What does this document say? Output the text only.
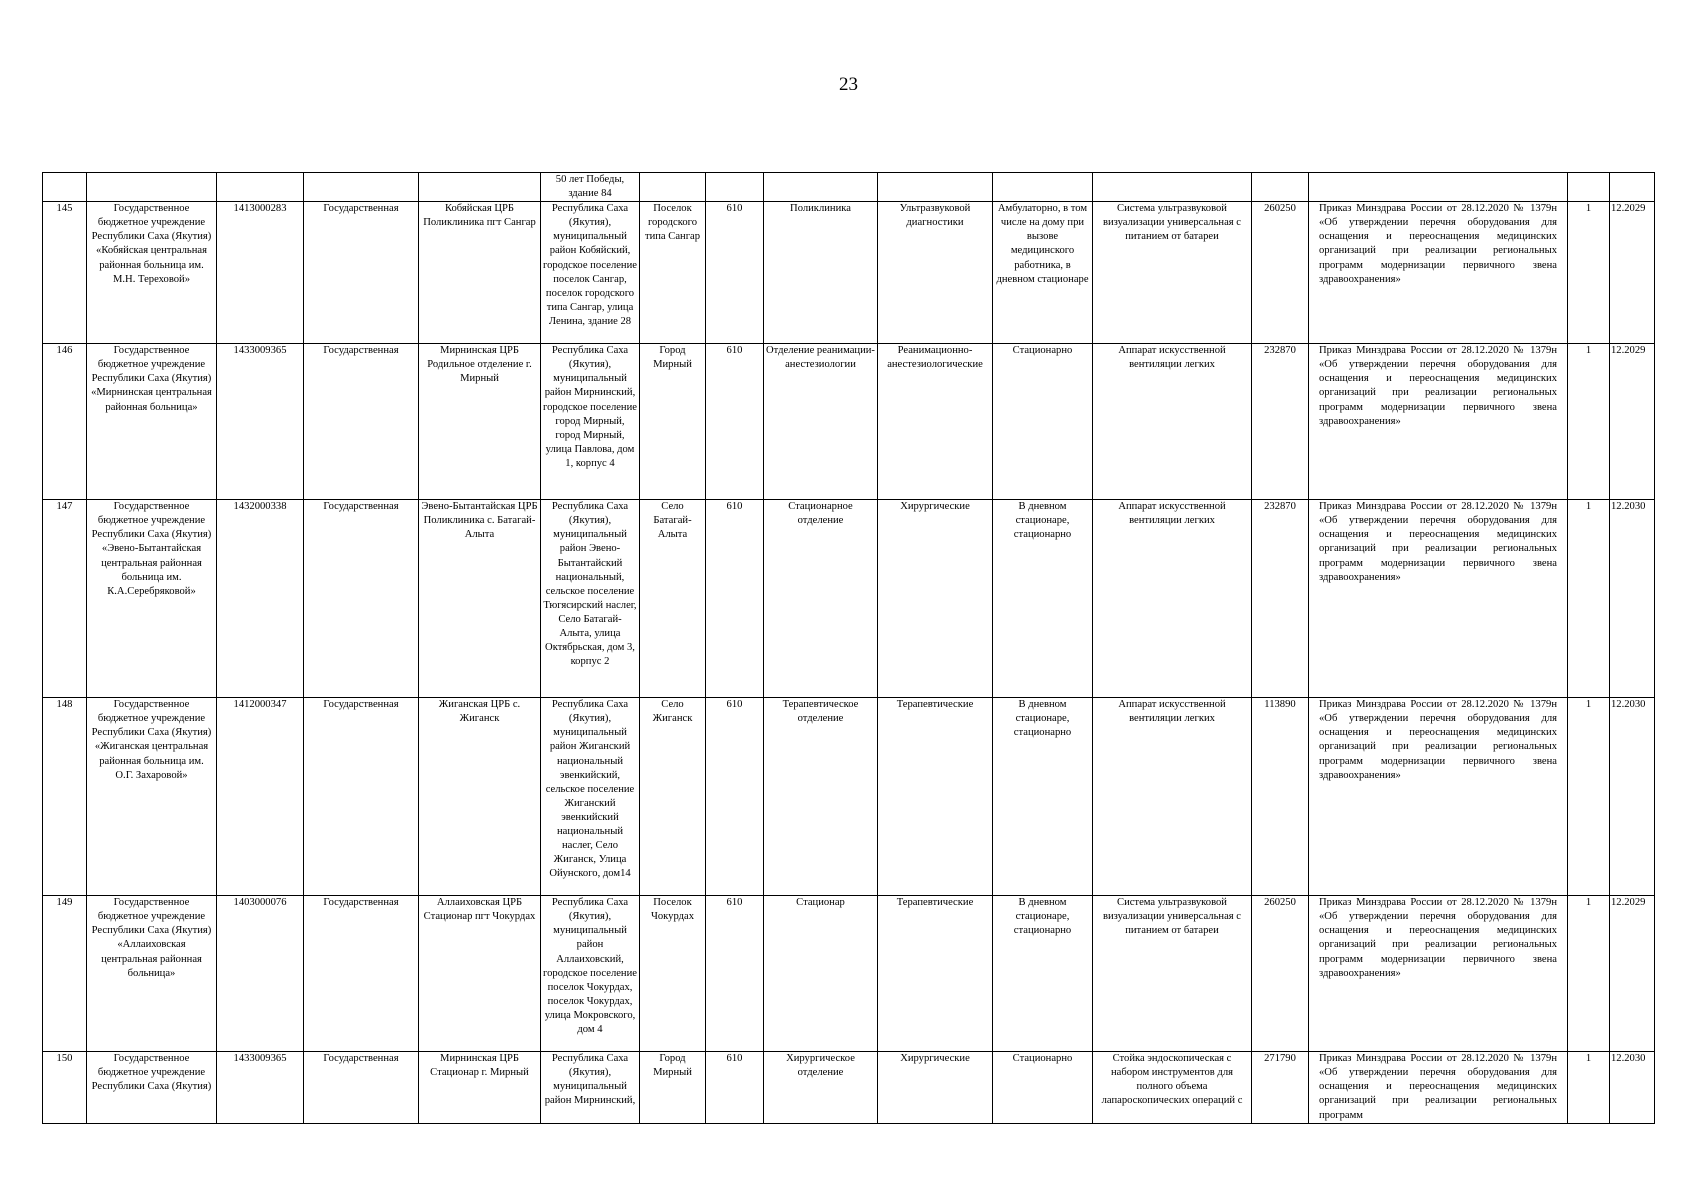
23
					50 лет Победы,
здание 84										
145	Государственное бюджетное учреждение Республики Саха (Якутия) «Кобяйская центральная районная больница им. М.Н. Тереховой»	1413000283	Государственная	Кобяйская ЦРБ Поликлиника пгт Сангар	Республика Саха (Якутия), муниципальный район Кобяйский, городское поселение поселок Сангар, поселок городского типа Сангар, улица Ленина, здание 28	Поселок городского типа Сангар	610	Поликлиника	Ультразвуковой диагностики	Амбулаторно, в том числе на дому при вызове медицинского работника, в дневном стационаре	Система ультразвуковой визуализации универсальная с питанием от батареи	260250	Приказ Минздрава России от 28.12.2020 № 1379н «Об утверждении перечня оборудования для оснащения и переоснащения медицинских организаций при реализации региональных программ модернизации первичного звена здравоохранения»	1	12.2029
146	Государственное бюджетное учреждение Республики Саха (Якутия) «Мирнинская центральная районная больница»	1433009365	Государственная	Мирнинская ЦРБ Родильное отделение г. Мирный	Республика Саха (Якутия), муниципальный район Мирнинский, городское поселение город Мирный, город Мирный, улица Павлова, дом 1, корпус 4	Город Мирный	610	Отделение реанимации-анестезиологии	Реанимационно-анестезиологические	Стационарно	Аппарат искусственной вентиляции легких	232870	Приказ Минздрава России от 28.12.2020 № 1379н «Об утверждении перечня оборудования для оснащения и переоснащения медицинских организаций при реализации региональных программ модернизации первичного звена здравоохранения»	1	12.2029
147	Государственное бюджетное учреждение Республики Саха (Якутия) «Эвено-Бытантайская центральная районная больница им. К.А.Серебряковой»	1432000338	Государственная	Эвено-Бытантайская ЦРБ Поликлиника с. Батагай-Алыта	Республика Саха (Якутия), муниципальный район Эвено-Бытантайский национальный, сельское поселение Тюгясирский наслег, Село Батагай-Алыта, улица Октябрьская, дом 3, корпус 2	Село Батагай-Алыта	610	Стационарное отделение	Хирургические	В дневном стационаре, стационарно	Аппарат искусственной вентиляции легких	232870	Приказ Минздрава России от 28.12.2020 № 1379н «Об утверждении перечня оборудования для оснащения и переоснащения медицинских организаций при реализации региональных программ модернизации первичного звена здравоохранения»	1	12.2030
148	Государственное бюджетное учреждение Республики Саха (Якутия) «Жиганская центральная районная больница им. О.Г. Захаровой»	1412000347	Государственная	Жиганская ЦРБ с. Жиганск	Республика Саха (Якутия), муниципальный район Жиганский национальный эвенкийский, сельское поселение Жиганский эвенкийский национальный наслег, Село Жиганск, Улица Ойунского, дом14	Село Жиганск	610	Терапевтическое отделение	Терапевтические	В дневном стационаре, стационарно	Аппарат искусственной вентиляции легких	113890	Приказ Минздрава России от 28.12.2020 № 1379н «Об утверждении перечня оборудования для оснащения и переоснащения медицинских организаций при реализации региональных программ модернизации первичного звена здравоохранения»	1	12.2030
149	Государственное бюджетное учреждение Республики Саха (Якутия) «Аллаиховская центральная районная больница»	1403000076	Государственная	Аллаиховская ЦРБ Стационар пгт Чокурдах	Республика Саха (Якутия), муниципальный район Аллаиховский, городское поселение поселок Чокурдах, поселок Чокурдах, улица Мокровского, дом 4	Поселок Чокурдах	610	Стационар	Терапевтические	В дневном стационаре, стационарно	Система ультразвуковой визуализации универсальная с питанием от батареи	260250	Приказ Минздрава России от 28.12.2020 № 1379н «Об утверждении перечня оборудования для оснащения и переоснащения медицинских организаций при реализации региональных программ модернизации первичного звена здравоохранения»	1	12.2029
150	Государственное бюджетное учреждение Республики Саха (Якутия)	1433009365	Государственная	Мирнинская ЦРБ Стационар г. Мирный	Республика Саха (Якутия), муниципальный район Мирнинский,	Город Мирный	610	Хирургическое отделение	Хирургические	Стационарно	Стойка эндоскопическая с набором инструментов для полного объема лапароскопических операций с	271790	Приказ Минздрава России от 28.12.2020 № 1379н «Об утверждении перечня оборудования для оснащения и переоснащения медицинских организаций при реализации региональных программ	1	12.2030
